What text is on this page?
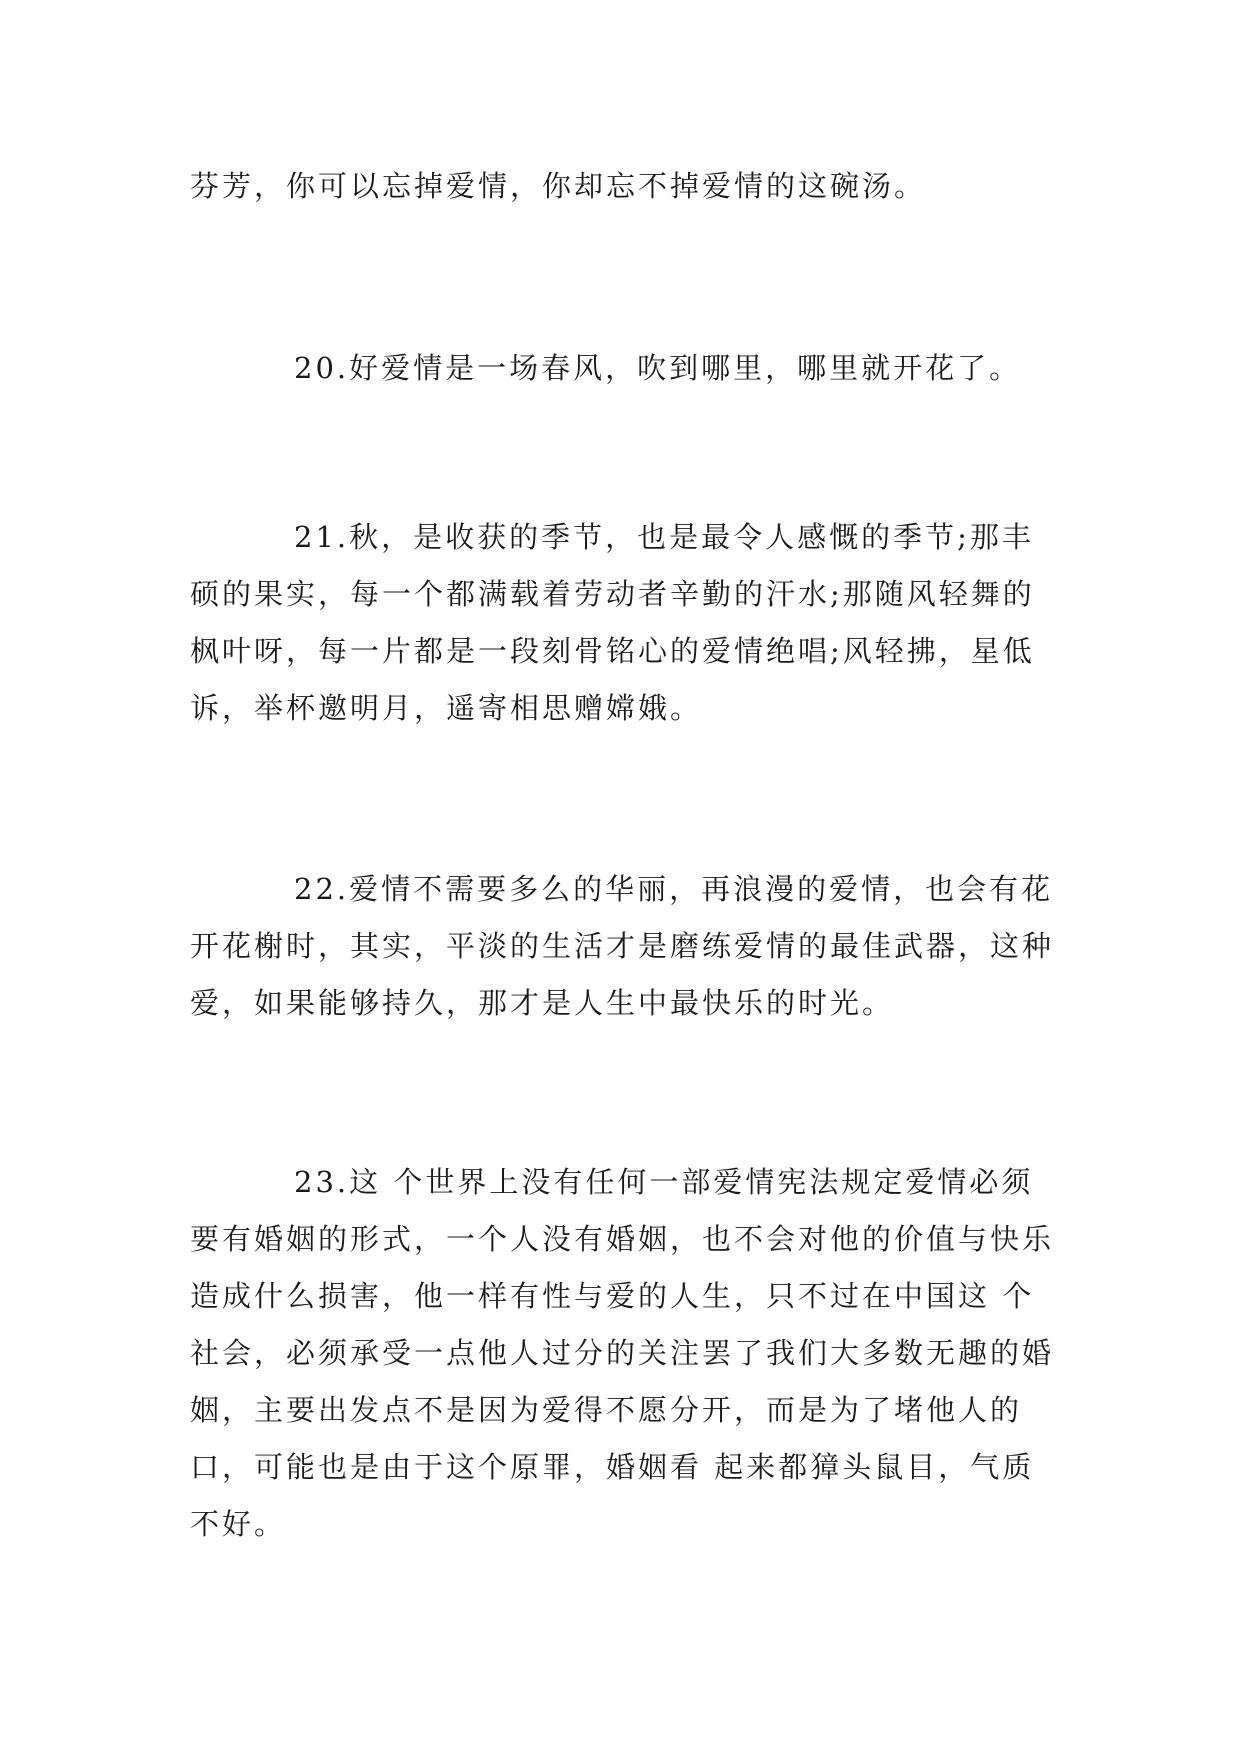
芬芳，你可以忘掉爱情，你却忘不掉爱情的这碗汤。
20.好爱情是一场春风，吹到哪里，哪里就开花了。
21.秋，是收获的季节，也是最令人感慨的季节;那丰硕的果实，每一个都满载着劳动者辛勤的汗水;那随风轻舞的枫叶呀，每一片都是一段刻骨铭心的爱情绝唱;风轻拂，星低诉，举杯邀明月，遥寄相思赠嫦娥。
22.爱情不需要多么的华丽，再浪漫的爱情，也会有花开花榭时，其实，平淡的生活才是磨练爱情的最佳武器，这种爱，如果能够持久，那才是人生中最快乐的时光。
23.这 个世界上没有任何一部爱情宪法规定爱情必须要有婚姻的形式，一个人没有婚姻，也不会对他的价值与快乐造成什么损害，他一样有性与爱的人生，只不过在中国这 个社会，必须承受一点他人过分的关注罢了我们大多数无趣的婚姻，主要出发点不是因为爱得不愿分开，而是为了堵他人的口，可能也是由于这个原罪，婚姻看 起来都獐头鼠目，气质不好。
